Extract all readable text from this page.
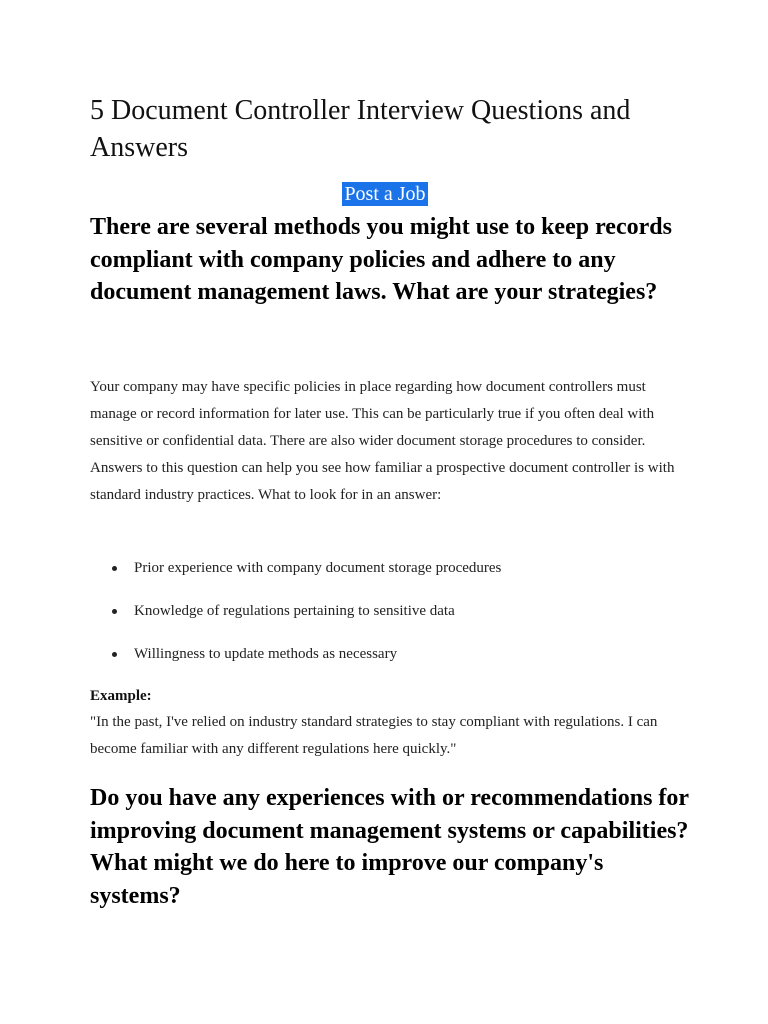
5 Document Controller Interview Questions and Answers
Post a Job
There are several methods you might use to keep records compliant with company policies and adhere to any document management laws. What are your strategies?

Your company may have specific policies in place regarding how document controllers must manage or record information for later use. This can be particularly true if you often deal with sensitive or confidential data. There are also wider document storage procedures to consider. Answers to this question can help you see how familiar a prospective document controller is with standard industry practices. What to look for in an answer:

Prior experience with company document storage procedures
Knowledge of regulations pertaining to sensitive data
Willingness to update methods as necessary

Example:

"In the past, I've relied on industry standard strategies to stay compliant with regulations. I can become familiar with any different regulations here quickly."

Do you have any experiences with or recommendations for improving document management systems or capabilities? What might we do here to improve our company's systems?
